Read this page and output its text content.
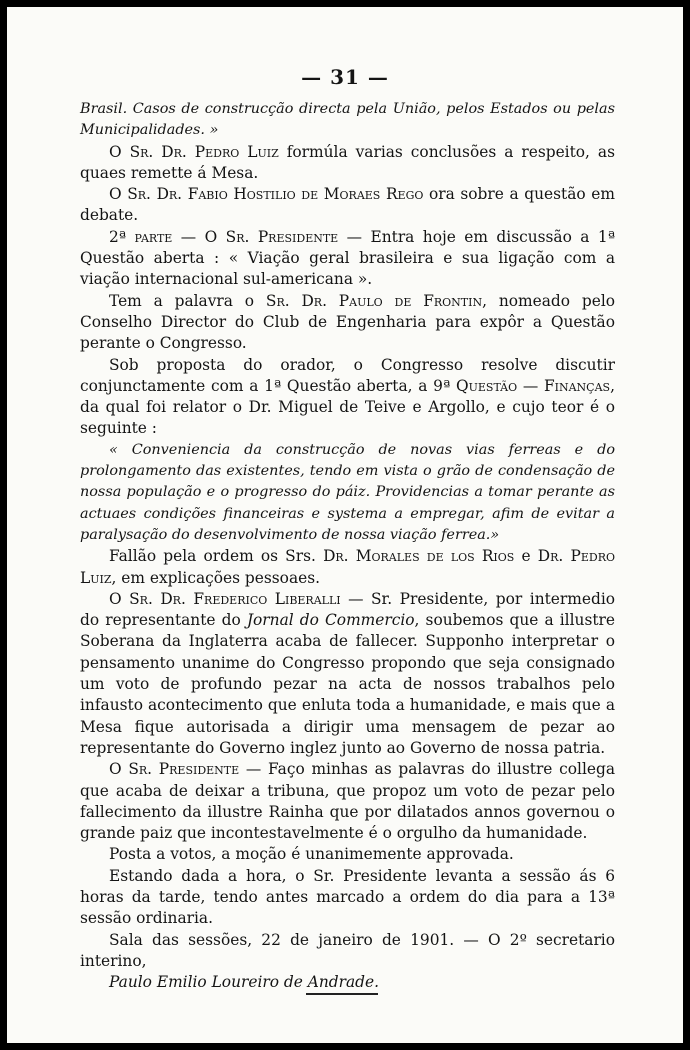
— 31 —

Brasil. Casos de construcção directa pela União, pelos Estados ou pelas Municipalidades. »

O Sr. Dr. Pedro Luiz formúla varias conclusões a respeito, as quaes remette á Mesa.

O Sr. Dr. Fabio Hostilio de Moraes Rego ora sobre a questão em debate.

2ª parte — O Sr. Presidente — Entra hoje em discussão a 1ª Questão aberta : « Viação geral brasileira e sua ligação com a viação internacional sul-americana ».

Tem a palavra o Sr. Dr. Paulo de Frontin, nomeado pelo Conselho Director do Club de Engenharia para expôr a Questão perante o Congresso.

Sob proposta do orador, o Congresso resolve discutir conjunctamente com a 1ª Questão aberta, a 9ª Questão — Finanças, da qual foi relator o Dr. Miguel de Teive e Argollo, e cujo teor é o seguinte :

« Conveniencia da construcção de novas vias ferreas e do prolongamento das existentes, tendo em vista o grão de condensação de nossa população e o progresso do páiz. Providencias a tomar perante as actuaes condições financeiras e systema a empregar, afim de evitar a paralysação do desenvolvimento de nossa viação ferrea.»

Fallão pela ordem os Srs. Dr. Morales de los Rios e Dr. Pedro Luiz, em explicações pessoaes.

O Sr. Dr. Frederico Liberalli — Sr. Presidente, por intermedio do representante do Jornal do Commercio, soubemos que a illustre Soberana da Inglaterra acaba de fallecer. Supponho interpretar o pensamento unanime do Congresso propondo que seja consignado um voto de profundo pezar na acta de nossos trabalhos pelo infausto acontecimento que enluta toda a humanidade, e mais que a Mesa fique autorisada a dirigir uma mensagem de pezar ao representante do Governo inglez junto ao Governo de nossa patria.

O Sr. Presidente — Faço minhas as palavras do illustre collega que acaba de deixar a tribuna, que propoz um voto de pezar pelo fallecimento da illustre Rainha que por dilatados annos governou o grande paiz que incontestavelmente é o orgulho da humanidade.

Posta a votos, a moção é unanimemente approvada.

Estando dada a hora, o Sr. Presidente levanta a sessão ás 6 horas da tarde, tendo antes marcado a ordem do dia para a 13ª sessão ordinaria.

Sala das sessões, 22 de janeiro de 1901. — O 2º secretario interino,

Paulo Emilio Loureiro de Andrade.
